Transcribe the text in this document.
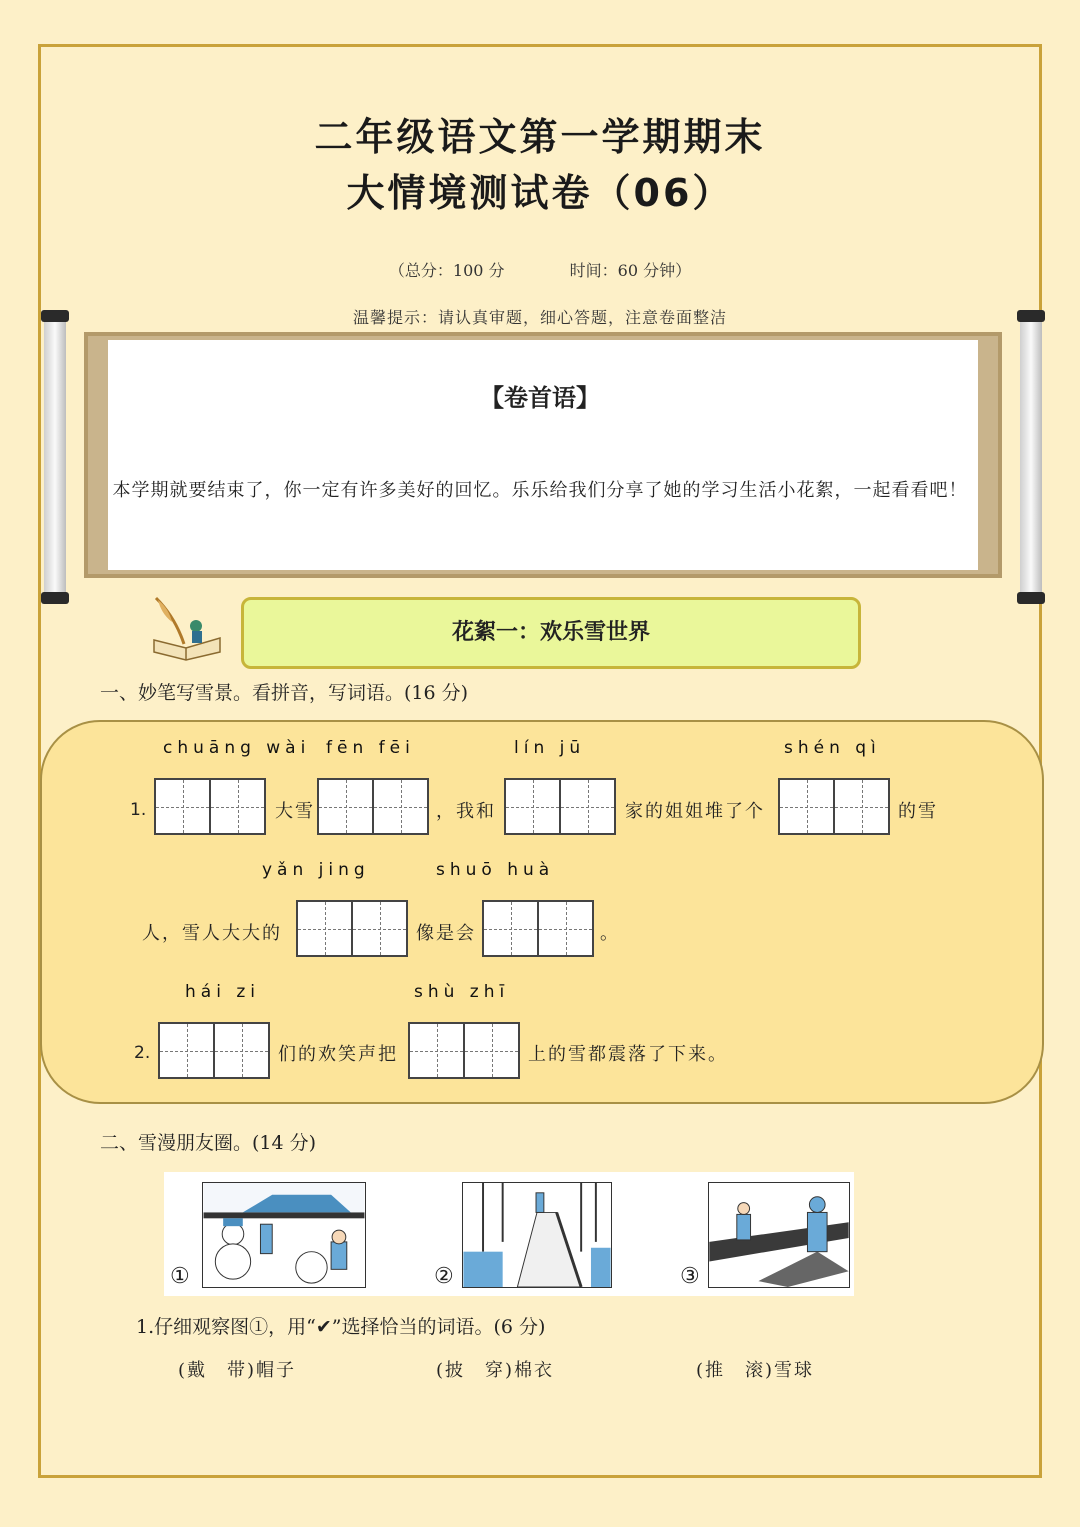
二年级语文第一学期期末
大情境测试卷（06）
（总分：100 分	时间：60 分钟）
温馨提示：请认真审题，细心答题，注意卷面整洁
【卷首语】
本学期就要结束了，你一定有许多美好的回忆。乐乐给我们分享了她的学习生活小花絮，一起看看吧！
花絮一：欢乐雪世界
一、妙笔写雪景。看拼音，写词语。(16 分)
chuāng wài fēn fēi	lín jū	shén qì
1.	大雪	，我和	家的姐姐堆了个	的雪
yǎn jing	shuō huà
人，雪人大大的	像是会	。
hái zi	shù zhī
2.	们的欢笑声把	上的雪都震落了下来。
二、雪漫朋友圈。(14 分)
①	②	③
1.仔细观察图①，用“✔”选择恰当的词语。(6 分)
(戴　带)帽子	(披　穿)棉衣	(推　滚)雪球
